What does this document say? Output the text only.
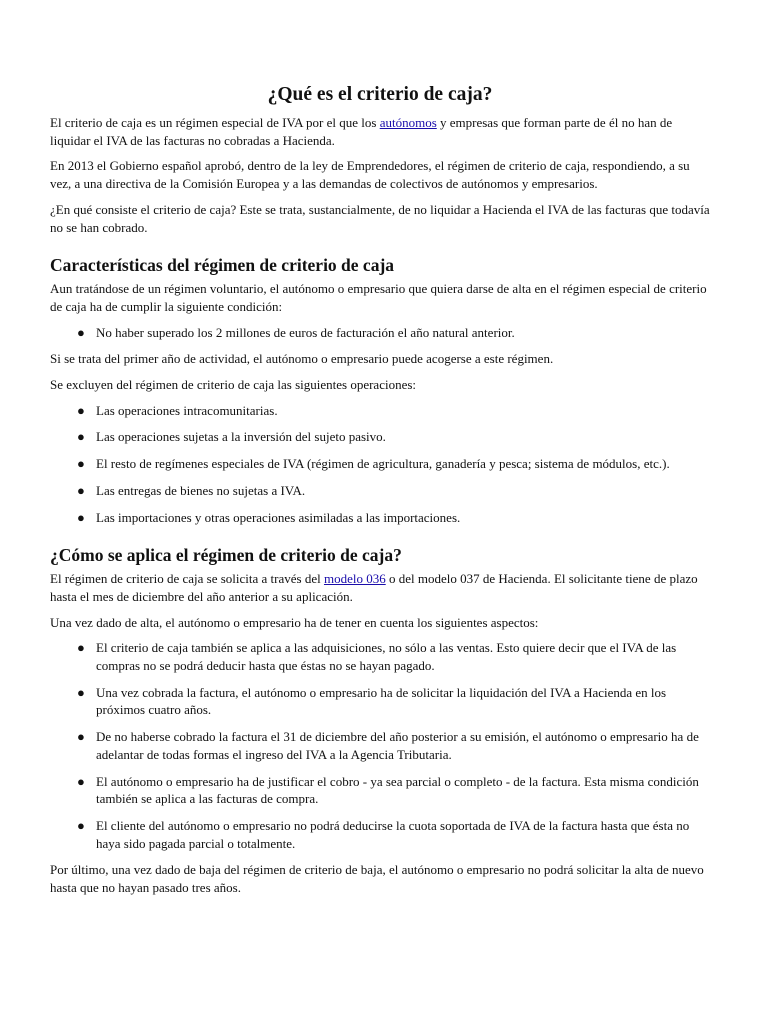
¿Qué es el criterio de caja?

El criterio de caja es un régimen especial de IVA por el que los autónomos y empresas que forman parte de él no han de liquidar el IVA de las facturas no cobradas a Hacienda.

En 2013 el Gobierno español aprobó, dentro de la ley de Emprendedores, el régimen de criterio de caja, respondiendo, a su vez, a una directiva de la Comisión Europea y a las demandas de colectivos de autónomos y empresarios.

¿En qué consiste el criterio de caja? Este se trata, sustancialmente, de no liquidar a Hacienda el IVA de las facturas que todavía no se han cobrado.

Características del régimen de criterio de caja

Aun tratándose de un régimen voluntario, el autónomo o empresario que quiera darse de alta en el régimen especial de criterio de caja ha de cumplir la siguiente condición:

● No haber superado los 2 millones de euros de facturación el año natural anterior.

Si se trata del primer año de actividad, el autónomo o empresario puede acogerse a este régimen.

Se excluyen del régimen de criterio de caja las siguientes operaciones:

● Las operaciones intracomunitarias.
● Las operaciones sujetas a la inversión del sujeto pasivo.
● El resto de regímenes especiales de IVA (régimen de agricultura, ganadería y pesca; sistema de módulos, etc.).
● Las entregas de bienes no sujetas a IVA.
● Las importaciones y otras operaciones asimiladas a las importaciones.
¿Cómo se aplica el régimen de criterio de caja?

El régimen de criterio de caja se solicita a través del modelo 036 o del modelo 037 de Hacienda. El solicitante tiene de plazo hasta el mes de diciembre del año anterior a su aplicación.

Una vez dado de alta, el autónomo o empresario ha de tener en cuenta los siguientes aspectos:

● El criterio de caja también se aplica a las adquisiciones, no sólo a las ventas. Esto quiere decir que el IVA de las compras no se podrá deducir hasta que éstas no se hayan pagado.
● Una vez cobrada la factura, el autónomo o empresario ha de solicitar la liquidación del IVA a Hacienda en los próximos cuatro años.
● De no haberse cobrado la factura el 31 de diciembre del año posterior a su emisión, el autónomo o empresario ha de adelantar de todas formas el ingreso del IVA a la Agencia Tributaria.
● El autónomo o empresario ha de justificar el cobro - ya sea parcial o completo - de la factura. Esta misma condición también se aplica a las facturas de compra.
● El cliente del autónomo o empresario no podrá deducirse la cuota soportada de IVA de la factura hasta que ésta no haya sido pagada parcial o totalmente.

Por último, una vez dado de baja del régimen de criterio de baja, el autónomo o empresario no podrá solicitar la alta de nuevo hasta que no hayan pasado tres años.
